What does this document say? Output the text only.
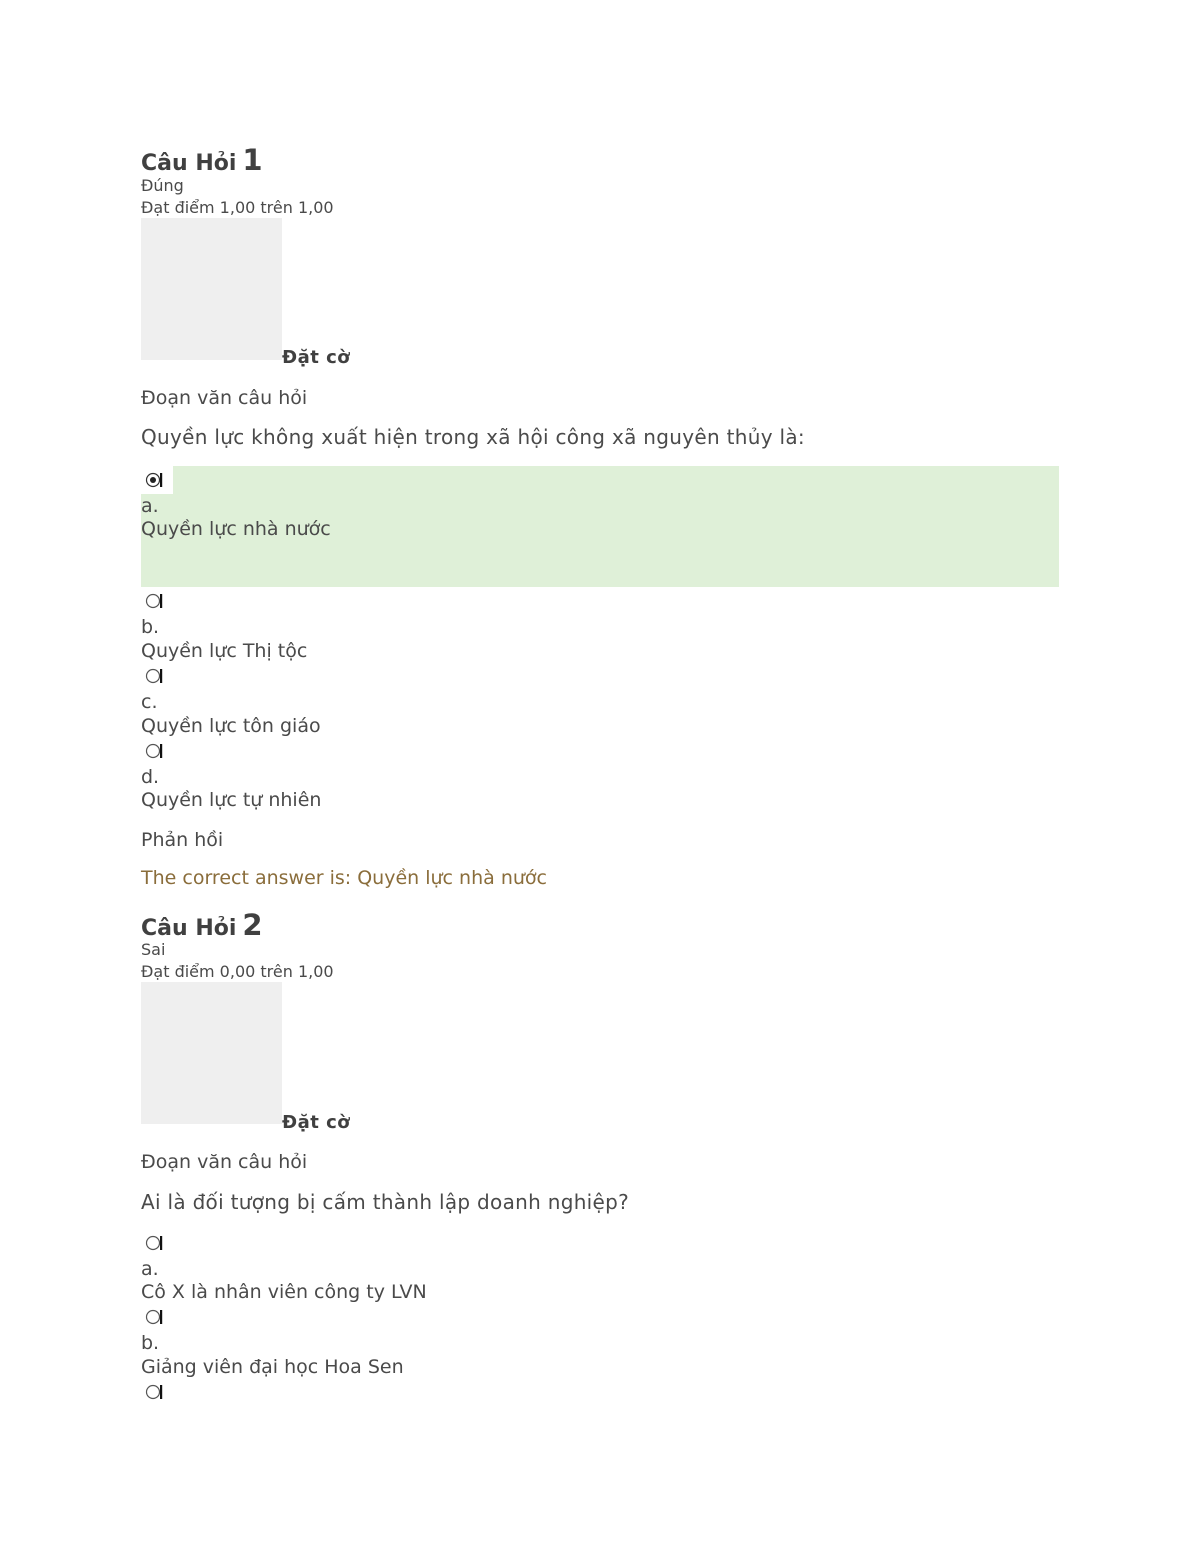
Câu Hỏi 1
Đúng
Đạt điểm 1,00 trên 1,00
Đặt cờ
Đoạn văn câu hỏi
Quyền lực không xuất hiện trong xã hội công xã nguyên thủy là:
a.
Quyền lực nhà nước
b.
Quyền lực Thị tộc
c.
Quyền lực tôn giáo
d.
Quyền lực tự nhiên
Phản hồi
The correct answer is: Quyền lực nhà nước
Câu Hỏi 2
Sai
Đạt điểm 0,00 trên 1,00
Đặt cờ
Đoạn văn câu hỏi
Ai là đối tượng bị cấm thành lập doanh nghiệp?
a.
Cô X là nhân viên công ty LVN
b.
Giảng viên đại học Hoa Sen
